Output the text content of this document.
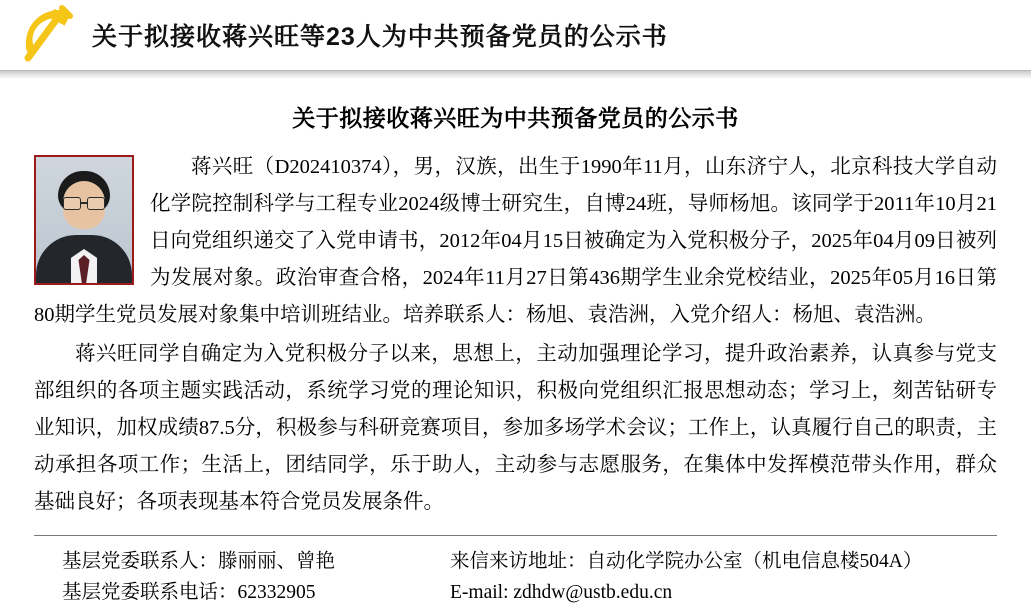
关于拟接收蒋兴旺等23人为中共预备党员的公示书
关于拟接收蒋兴旺为中共预备党员的公示书

蒋兴旺（D202410374），男，汉族，出生于1990年11月，山东济宁人，北京科技大学自动化学院控制科学与工程专业2024级博士研究生，自博24班，导师杨旭。该同学于2011年10月21日向党组织递交了入党申请书，2012年04月15日被确定为入党积极分子，2025年04月09日被列为发展对象。政治审查合格，2024年11月27日第436期学生业余党校结业，2025年05月16日第80期学生党员发展对象集中培训班结业。培养联系人：杨旭、袁浩洲，入党介绍人：杨旭、袁浩洲。

蒋兴旺同学自确定为入党积极分子以来，思想上，主动加强理论学习，提升政治素养，认真参与党支部组织的各项主题实践活动，系统学习党的理论知识，积极向党组织汇报思想动态；学习上，刻苦钻研专业知识，加权成绩87.5分，积极参与科研竞赛项目，参加多场学术会议；工作上，认真履行自己的职责，主动承担各项工作；生活上，团结同学，乐于助人，主动参与志愿服务，在集体中发挥模范带头作用，群众基础良好；各项表现基本符合党员发展条件。

基层党委联系人：滕丽丽、曾艳
基层党委联系电话：62332905
来信来访地址：自动化学院办公室（机电信息楼504A）
E-mail: zdhdw@ustb.edu.cn
